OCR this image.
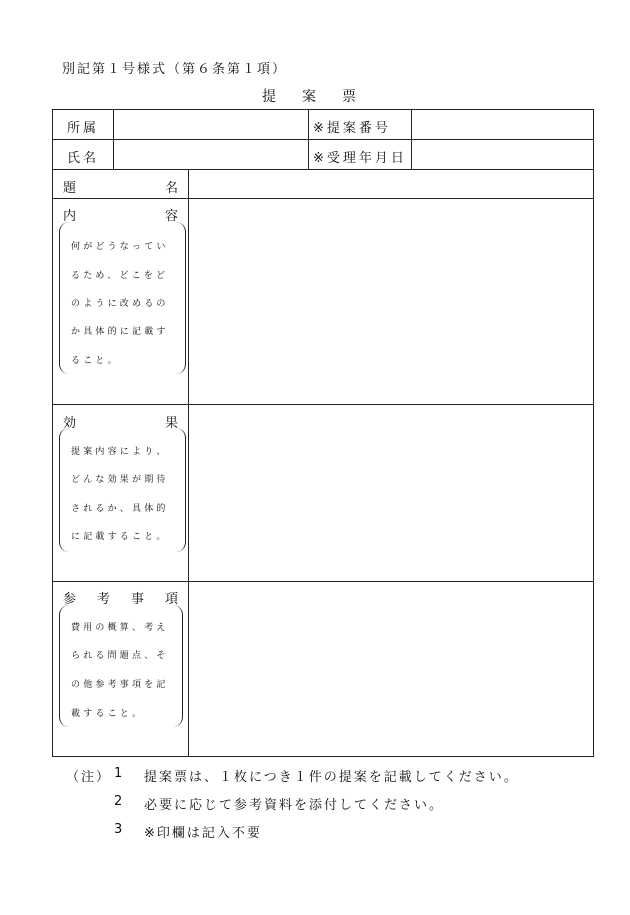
別記第１号様式（第６条第１項）
提案票
所属	※提案番号
氏名	※受理年月日
題	名
内	容
何がどうなってい
るため、どこをど
のように改めるの
か具体的に記載す
ること。
効	果
提案内容により、
どんな効果が期待
されるか、具体的
に記載すること。
参 考 事 項
費用の概算、考え
られる問題点、そ
の他参考事項を記
載すること。
（注） 1 提案票は、１枚につき１件の提案を記載してください。
2 必要に応じて参考資料を添付してください。
3 ※印欄は記入不要
